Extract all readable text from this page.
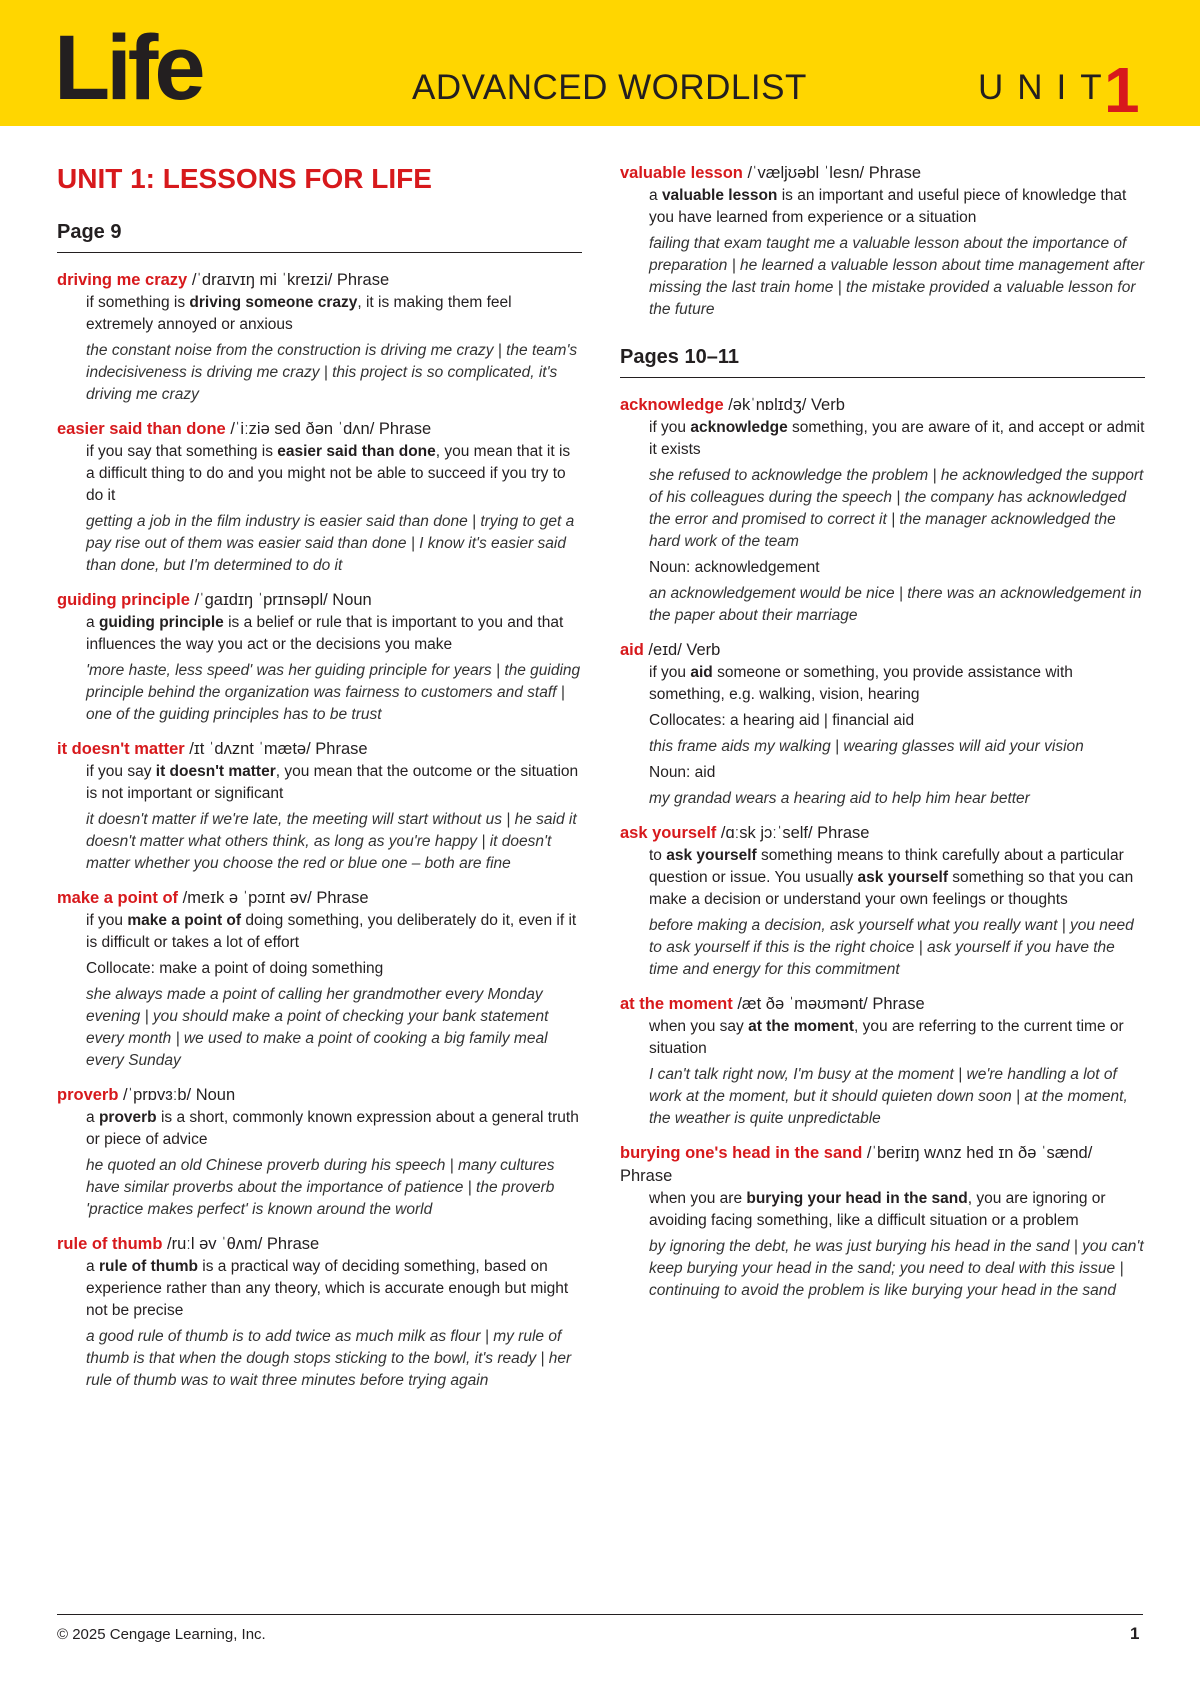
Life	ADVANCED WORDLIST	UNIT
1
UNIT 1: LESSONS FOR LIFE
Page 9
driving me crazy /ˈdraɪvɪŋ mi ˈkreɪzi/ Phrase

if something is driving someone crazy, it is making them feel extremely annoyed or anxious

the constant noise from the construction is driving me crazy | the team's indecisiveness is driving me crazy | this project is so complicated, it's driving me crazy

easier said than done /ˈiːziə sed ðən ˈdʌn/ Phrase

if you say that something is easier said than done, you mean that it is a difficult thing to do and you might not be able to succeed if you try to do it

getting a job in the film industry is easier said than done | trying to get a pay rise out of them was easier said than done | I know it's easier said than done, but I'm determined to do it

guiding principle /ˈɡaɪdɪŋ ˈprɪnsəpl/ Noun

a guiding principle is a belief or rule that is important to you and that influences the way you act or the decisions you make

'more haste, less speed' was her guiding principle for years | the guiding principle behind the organization was fairness to customers and staff | one of the guiding principles has to be trust

it doesn't matter /ɪt ˈdʌznt ˈmætə/ Phrase

if you say it doesn't matter, you mean that the outcome or the situation is not important or significant

it doesn't matter if we're late, the meeting will start without us | he said it doesn't matter what others think, as long as you're happy | it doesn't matter whether you choose the red or blue one – both are fine

make a point of /meɪk ə ˈpɔɪnt əv/ Phrase

if you make a point of doing something, you deliberately do it, even if it is difficult or takes a lot of effort

Collocate: make a point of doing something

she always made a point of calling her grandmother every Monday evening | you should make a point of checking your bank statement every month | we used to make a point of cooking a big family meal every Sunday

proverb /ˈprɒvɜːb/ Noun

a proverb is a short, commonly known expression about a general truth or piece of advice

he quoted an old Chinese proverb during his speech | many cultures have similar proverbs about the importance of patience | the proverb 'practice makes perfect' is known around the world

rule of thumb /ruːl əv ˈθʌm/ Phrase

a rule of thumb is a practical way of deciding something, based on experience rather than any theory, which is accurate enough but might not be precise

a good rule of thumb is to add twice as much milk as flour | my rule of thumb is that when the dough stops sticking to the bowl, it's ready | her rule of thumb was to wait three minutes before trying again

valuable lesson /ˈvæljʊəbl ˈlesn/ Phrase

a valuable lesson is an important and useful piece of knowledge that you have learned from experience or a situation

failing that exam taught me a valuable lesson about the importance of preparation | he learned a valuable lesson about time management after missing the last train home | the mistake provided a valuable lesson for the future

Pages 10–11
acknowledge /əkˈnɒlɪdʒ/ Verb

if you acknowledge something, you are aware of it, and accept or admit it exists

she refused to acknowledge the problem | he acknowledged the support of his colleagues during the speech | the company has acknowledged the error and promised to correct it | the manager acknowledged the hard work of the team

Noun: acknowledgement

an acknowledgement would be nice | there was an acknowledgement in the paper about their marriage

aid /eɪd/ Verb

if you aid someone or something, you provide assistance with something, e.g. walking, vision, hearing

Collocates: a hearing aid | financial aid

this frame aids my walking | wearing glasses will aid your vision

Noun: aid

my grandad wears a hearing aid to help him hear better

ask yourself /ɑːsk jɔːˈself/ Phrase

to ask yourself something means to think carefully about a particular question or issue. You usually ask yourself something so that you can make a decision or understand your own feelings or thoughts

before making a decision, ask yourself what you really want | you need to ask yourself if this is the right choice | ask yourself if you have the time and energy for this commitment

at the moment /æt ðə ˈməʊmənt/ Phrase

when you say at the moment, you are referring to the current time or situation

I can't talk right now, I'm busy at the moment | we're handling a lot of work at the moment, but it should quieten down soon | at the moment, the weather is quite unpredictable

burying one's head in the sand /ˈberiɪŋ wʌnz hed ɪn ðə ˈsænd/ Phrase

when you are burying your head in the sand, you are ignoring or avoiding facing something, like a difficult situation or a problem

by ignoring the debt, he was just burying his head in the sand | you can't keep burying your head in the sand; you need to deal with this issue | continuing to avoid the problem is like burying your head in the sand

© 2025 Cengage Learning, Inc.	1
